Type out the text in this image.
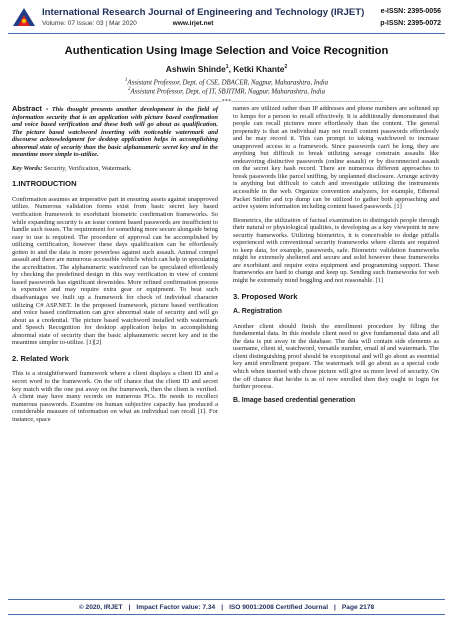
International Research Journal of Engineering and Technology (IRJET)
Volume: 07 Issue: 03 | Mar 2020	www.irjet.net
e-ISSN: 2395-0056
p-ISSN: 2395-0072
Authentication Using Image Selection and Voice Recognition
Ashwin Shinde$^1$, Ketki Khante$^2$
$^1$Assistant Professor, Dept. of CSE, DBACER, Nagpur, Maharashtra, India
$^2$Assistant Professor, Dept. of IT, SBJITMR, Nagpur, Maharashtra, India
---------------------------------------------------------------------***---------------------------------------------------------------------

Abstract - This thought presents another development in the field of information security that is an application with picture based confirmation and voice based verification and these both will go about as qualification. The picture based watchword inserting with noticeable watermark and discourse acknowledgment for desktop application helps in accomplishing abnormal state of security than the basic alphanumeric secret key and in the meantime more simple to-utilize.

Key Words: Security, Verification, Watermark.

1.INTRODUCTION

Confirmation assumes an imperative part in ensuring assets against unapproved utilize. Numerous validation forms exist from basic secret key based verification framework to exorbitant biometric confirmation frameworks. So while expanding security is an issue content based passwords are insufficient to handle such issues. The requirement for something more secure alongside being easy to use is required. The procedure of approval can be accomplished by utilizing certification, however these days qualification can be effortlessly gotten to and the data is more powerless against such assault. Animal compel assault and there are numerous accessible vehicle which can help in speculating the accreditation. The alphanumeric watchword can be speculated effortlessly by checking the predefined design in this way verification in view of content based passwords has significant downsides. More refined confirmation process is expensive and may require extra gear or equipment. To beat such disadvantages we built up a framework for check of individual character utilizing C# ASP.NET. In the proposed framework, picture based verification and voice based confirmation can give abnormal state of security and will go about as a credential. The picture based watchword installed with watermark and Speech Recognition for desktop application helps in accomplishing abnormal state of security than the basic alphanumeric secret key and in the meantime simpler to-utilize. [1][2]

2. Related Work

This is a straightforward framework where a client displays a client ID and a secret word to the framework. On the off chance that the client ID and secret key match with the one put away on the framework, then the client is verified. A client may have many records on numerous PCs. He needs to recollect numerous passwords. Examine on human subjective capacity has produced a considerable measure of information on what an individual can recall [1]. For instance, space

names are utilized rather than IP addresses and phone numbers are softened up to lumps for a person to recall effectively. It is additionally demonstrated that people can recall pictures more effortlessly than the content. The general propensity is that an individual may not recall content passwords effortlessly and he may record it. This can prompt to taking watchword to increase unapproved access to a framework. Since passwords can't be long, they are anything but difficult to break utilizing savage constrain assaults like endeavoring distinctive passwords (online assault) or by disconnected assault on the secret key hash record. There are numerous different approaches to break passwords like parcel sniffing, by unplanned disclosure. Arrange activity is anything but difficult to catch and investigate utilizing the instruments accessible in the web. Organize convention analyzers, for example, Ethereal Packet Sniffer and tcp dump can be utilized to gather both approaching and active system information including content based passwords. [1]

Biometrics, the utilization of factual examination to distinguish people through their natural or physiological qualities, is developing as a key viewpoint in new security frameworks. Utilizing biometrics, it is conceivable to dodge pitfalls experienced with conventional security frameworks where clients are required to keep data, for example, passwords, safe. Biometric validation frameworks might be extremely sheltered and secure and solid however these frameworks are exorbitant and require extra equipment and programming support. These frameworks are hard to change and keep up. Sending such frameworks for web might be extremely mind boggling and not reasonable. [1]

3. Proposed Work
A. Registration

Another client should finish the enrollment procedure by filling the fundamental data. In this module client need to give fundamental data and all the data is put away in the database. The data will contain side elements as username, client id, watchword, versatile number, email id and watermark. The client distinguishing proof should be exceptional and will go about as essential key amid enrollment prepare. The watermark will go about as a special code which when inserted with chose picture will give us more level of security. On the off chance that he/she is as of now enrolled then they ought to login for further process.

B. Image based credential generation
© 2020, IRJET | Impact Factor value: 7.34 | ISO 9001:2008 Certified Journal | Page 2178
